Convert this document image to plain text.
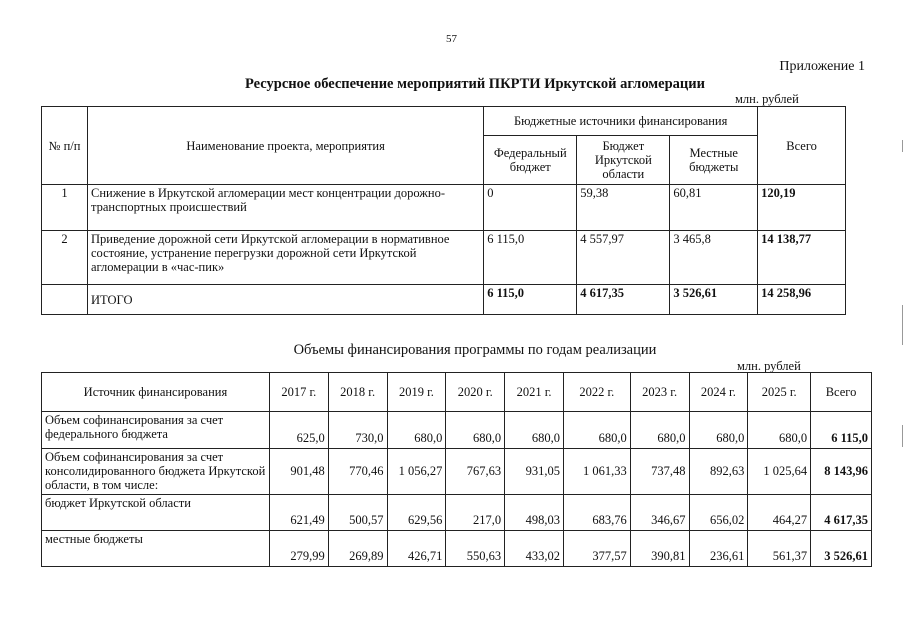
57
Приложение 1
Ресурсное обеспечение мероприятий ПКРТИ Иркутской агломерации
млн. рублей
№ п/п	Наименование проекта, мероприятия	Бюджетные источники финансирования			Всего
		Федеральный бюджет	Бюджет Иркутской области	Местные бюджеты	
1	Снижение в Иркутской агломерации мест концентрации дорожно-транспортных происшествий	0	59,38	60,81	120,19
2	Приведение дорожной сети Иркутской агломерации в нормативное состояние, устранение перегрузки дорожной сети Иркутской агломерации в «час-пик»	6 115,0	4 557,97	3 465,8	14 138,77
	ИТОГО	6 115,0	4 617,35	3 526,61	14 258,96
Объемы финансирования программы по годам реализации
млн. рублей
Источник финансирования	2017 г.	2018 г.	2019 г.	2020 г.	2021 г.	2022 г.	2023 г.	2024 г.	2025 г.	Всего
Объем софинансирования за счет федерального бюджета	625,0	730,0	680,0	680,0	680,0	680,0	680,0	680,0	680,0	6 115,0
Объем софинансирования за счет консолидированного бюджета Иркутской области, в том числе:	901,48	770,46	1 056,27	767,63	931,05	1 061,33	737,48	892,63	1 025,64	8 143,96
бюджет Иркутской области	621,49	500,57	629,56	217,0	498,03	683,76	346,67	656,02	464,27	4 617,35
местные бюджеты	279,99	269,89	426,71	550,63	433,02	377,57	390,81	236,61	561,37	3 526,61
